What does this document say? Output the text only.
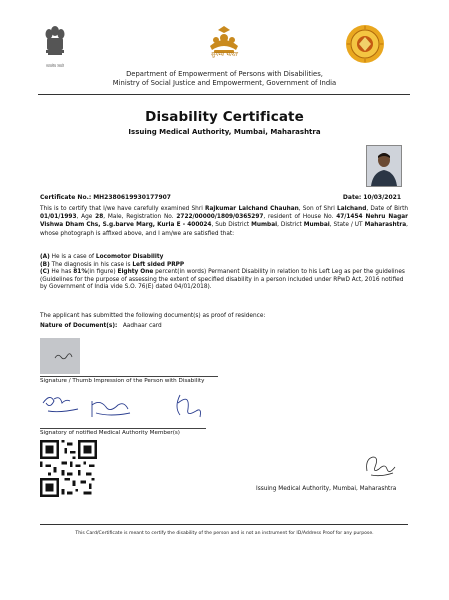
सत्यमेव जयते
सुगम्य भारत
Department of Empowerment of Persons with Disabilities,
Ministry of Social Justice and Empowerment, Government of India
Disability Certificate
Issuing Medical Authority, Mumbai, Maharashtra
Certificate No.: MH2380619930177907	Date: 10/03/2021
This is to certify that I/we have carefully examined Shri Rajkumar Lalchand Chauhan, Son of Shri Lalchand, Date of Birth 01/01/1993, Age 28, Male, Registration No. 2722/00000/1809/0365297, resident of House No. 47/1454 Nehru Nagar Vishwa Dham Chs, S.g.barve Marg, Kurla E - 400024, Sub District Mumbai, District Mumbai, State / UT Maharashtra, whose photograph is affixed above, and I am/we are satisfied that:
(A) He is a case of Locomotor Disability
(B) The diagnosis in his case is Left sided PRPP
(C) He has 81%(in figure) Eighty One percent(in words) Permanent Disability in relation to his Left Leg as per the guidelines (Guidelines for the purpose of assessing the extent of specified disability in a person included under RPwD Act, 2016 notified by Government of India vide S.O. 76(E) dated 04/01/2018).
The applicant has submitted the following document(s) as proof of residence:
Nature of Document(s): Aadhaar card
Signature / Thumb Impression of the Person with Disability
Signatory of notified Medical Authority Member(s)
Issuing Medical Authority, Mumbai, Maharashtra
This Card/Certificate is meant to certify the disability of the person and is not an instrument for ID/Address Proof for any purpose.
